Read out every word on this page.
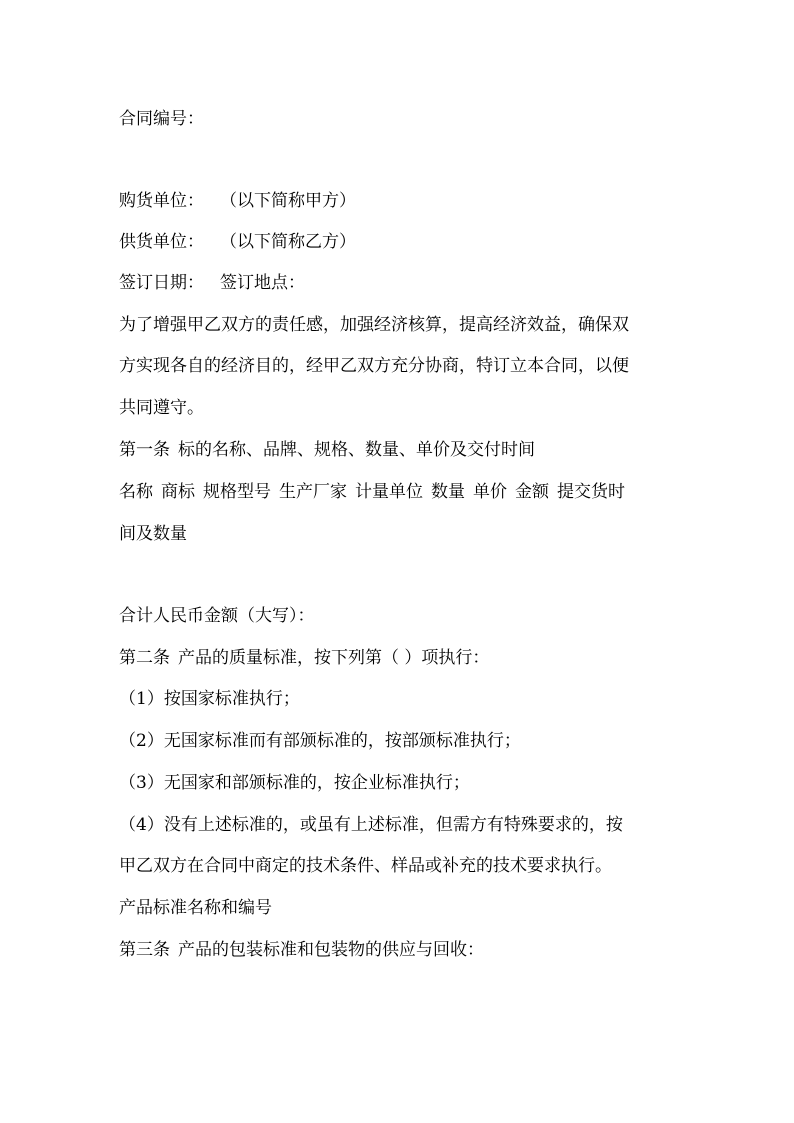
合同编号：
购货单位： （以下简称甲方）
供货单位： （以下简称乙方）
签订日期： 签订地点：
为了增强甲乙双方的责任感，加强经济核算，提高经济效益，确保双
方实现各自的经济目的，经甲乙双方充分协商，特订立本合同，以便
共同遵守。
第一条 标的名称、品牌、规格、数量、单价及交付时间
名称 商标 规格型号 生产厂家 计量单位 数量 单价 金额 提交货时
间及数量
合计人民币金额（大写）：
第二条 产品的质量标准，按下列第（ ）项执行：
（1）按国家标准执行；
（2）无国家标准而有部颁标准的，按部颁标准执行；
（3）无国家和部颁标准的，按企业标准执行；
（4）没有上述标准的，或虽有上述标准，但需方有特殊要求的，按
甲乙双方在合同中商定的技术条件、样品或补充的技术要求执行。
产品标准名称和编号
第三条 产品的包装标准和包装物的供应与回收：
